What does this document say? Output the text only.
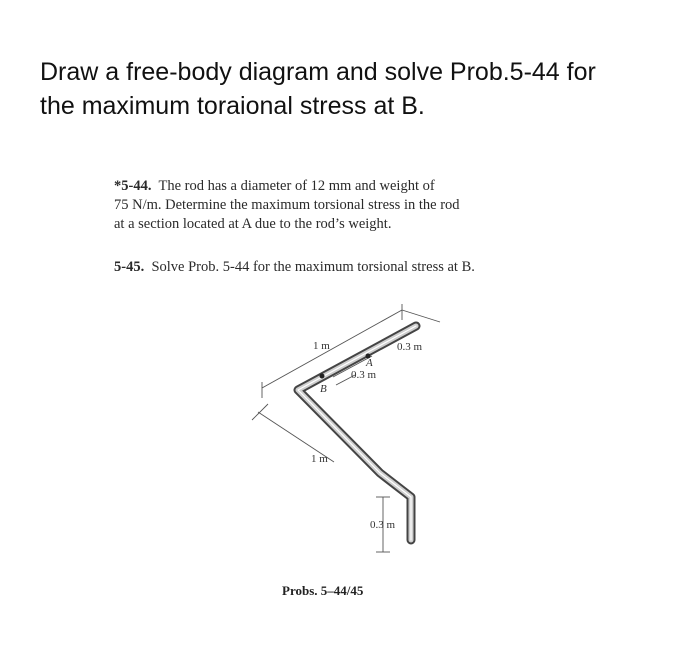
Draw a free-body diagram and solve Prob.5-44 for
the maximum toraional stress at B.
*5-44. The rod has a diameter of 12 mm and weight of
75 N/m. Determine the maximum torsional stress in the rod
at a section located at A due to the rod’s weight.
5-45. Solve Prob. 5-44 for the maximum torsional stress at B.
1 m	0.3 m
0.3 m
A
B
1 m
0.3 m
Probs. 5–44/45
